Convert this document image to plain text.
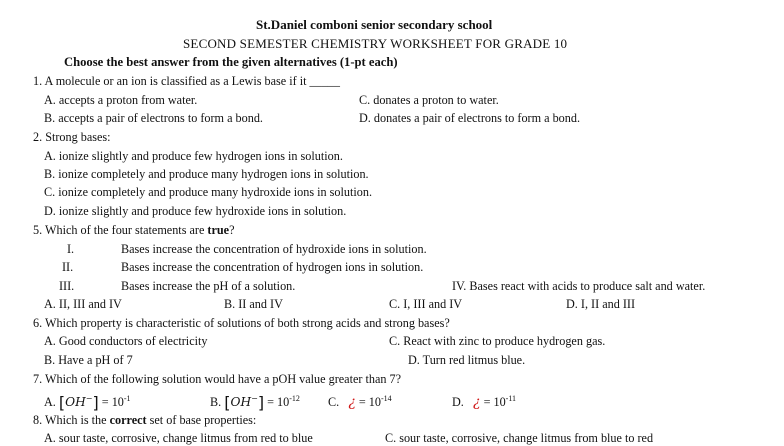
St.Daniel comboni senior secondary school
SECOND SEMESTER CHEMISTRY WORKSHEET FOR GRADE 10
Choose the best answer from the given alternatives (1-pt each)
1. A molecule or an ion is classified as a Lewis base if it _____
A. accepts a proton from water.	C. donates a proton to water.
B. accepts a pair of electrons to form a bond.	D. donates a pair of electrons to form a bond.
2. Strong bases:
A. ionize slightly and produce few hydrogen ions in solution.
B. ionize completely and produce many hydrogen ions in solution.
C. ionize completely and produce many hydroxide ions in solution.
D. ionize slightly and produce few hydroxide ions in solution.
5. Which of the four statements are true?
I.	Bases increase the concentration of hydroxide ions in solution.
II.	Bases increase the concentration of hydrogen ions in solution.
III.	Bases increase the pH of a solution.	IV. Bases react with acids to produce salt and water.
A. II, III and IV	B. II and IV	C. I, III and IV	D. I, II and III
6. Which property is characteristic of solutions of both strong acids and strong bases?
A. Good conductors of electricity	C. React with zinc to produce hydrogen gas.
B. Have a pH of 7	D. Turn red litmus blue.
7. Which of the following solution would have a pOH value greater than 7?
A. $[OH^-] = 10^{-1}$	B. $[OH^-] = 10^{-12}$ C. ¿ = $10^{-14}$	D. ¿ = $10^{-11}$
8. Which is the correct set of base properties:
A. sour taste, corrosive, change litmus from red to blue	C. sour taste, corrosive, change litmus from blue to red
